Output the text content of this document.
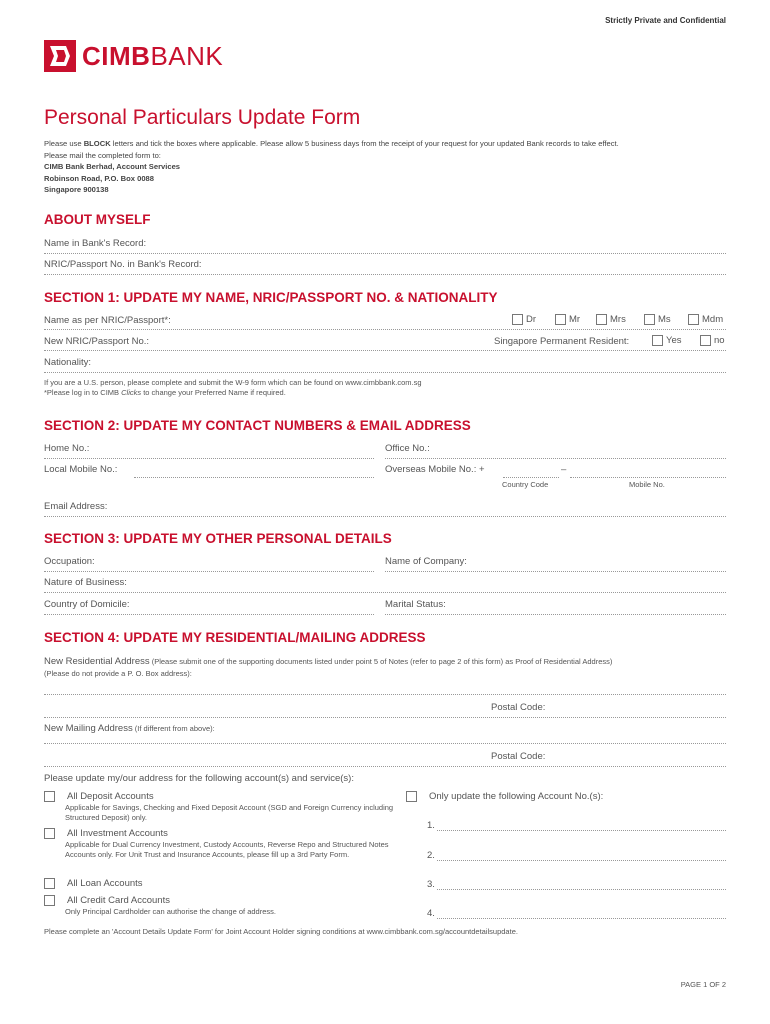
Strictly Private and Confidential
CIMBBANK
Personal Particulars Update Form
Please use BLOCK letters and tick the boxes where applicable. Please allow 5 business days from the receipt of your request for your updated Bank records to take effect.
Please mail the completed form to:
CIMB Bank Berhad, Account Services
Robinson Road, P.O. Box 0088
Singapore 900138
ABOUT MYSELF
Name in Bank's Record:
NRIC/Passport No. in Bank's Record:
SECTION 1: UPDATE MY NAME, NRIC/PASSPORT NO. & NATIONALITY
Name as per NRIC/Passport*:	Dr	Mr	Mrs	Ms	Mdm
New NRIC/Passport No.:	Singapore Permanent Resident:	Yes	no
Nationality:
If you are a U.S. person, please complete and submit the W-9 form which can be found on www.cimbbank.com.sg
*Please log in to CIMB Clicks to change your Preferred Name if required.
SECTION 2: UPDATE MY CONTACT NUMBERS & EMAIL ADDRESS
Home No.:	Office No.:
Local Mobile No.:	Overseas Mobile No.: +	–
Country Code	Mobile No.
Email Address:
SECTION 3: UPDATE MY OTHER PERSONAL DETAILS
Occupation:	Name of Company:
Nature of Business:
Country of Domicile:	Marital Status:
SECTION 4: UPDATE MY RESIDENTIAL/MAILING ADDRESS
New Residential Address (Please submit one of the supporting documents listed under point 5 of Notes (refer to page 2 of this form) as Proof of Residential Address)
(Please do not provide a P. O. Box address):
Postal Code:
New Mailing Address (If different from above):
Postal Code:
Please update my/our address for the following account(s) and service(s):
All Deposit Accounts
Applicable for Savings, Checking and Fixed Deposit Account (SGD and Foreign Currency including Structured Deposit) only.
All Investment Accounts
Applicable for Dual Currency Investment, Custody Accounts, Reverse Repo and Structured Notes Accounts only. For Unit Trust and Insurance Accounts, please fill up a 3rd Party Form.
All Loan Accounts
All Credit Card Accounts
Only Principal Cardholder can authorise the change of address.
Only update the following Account No.(s):
1.
2.
3.
4.
Please complete an 'Account Details Update Form' for Joint Account Holder signing conditions at www.cimbbank.com.sg/accountdetailsupdate.
PAGE 1 OF 2
